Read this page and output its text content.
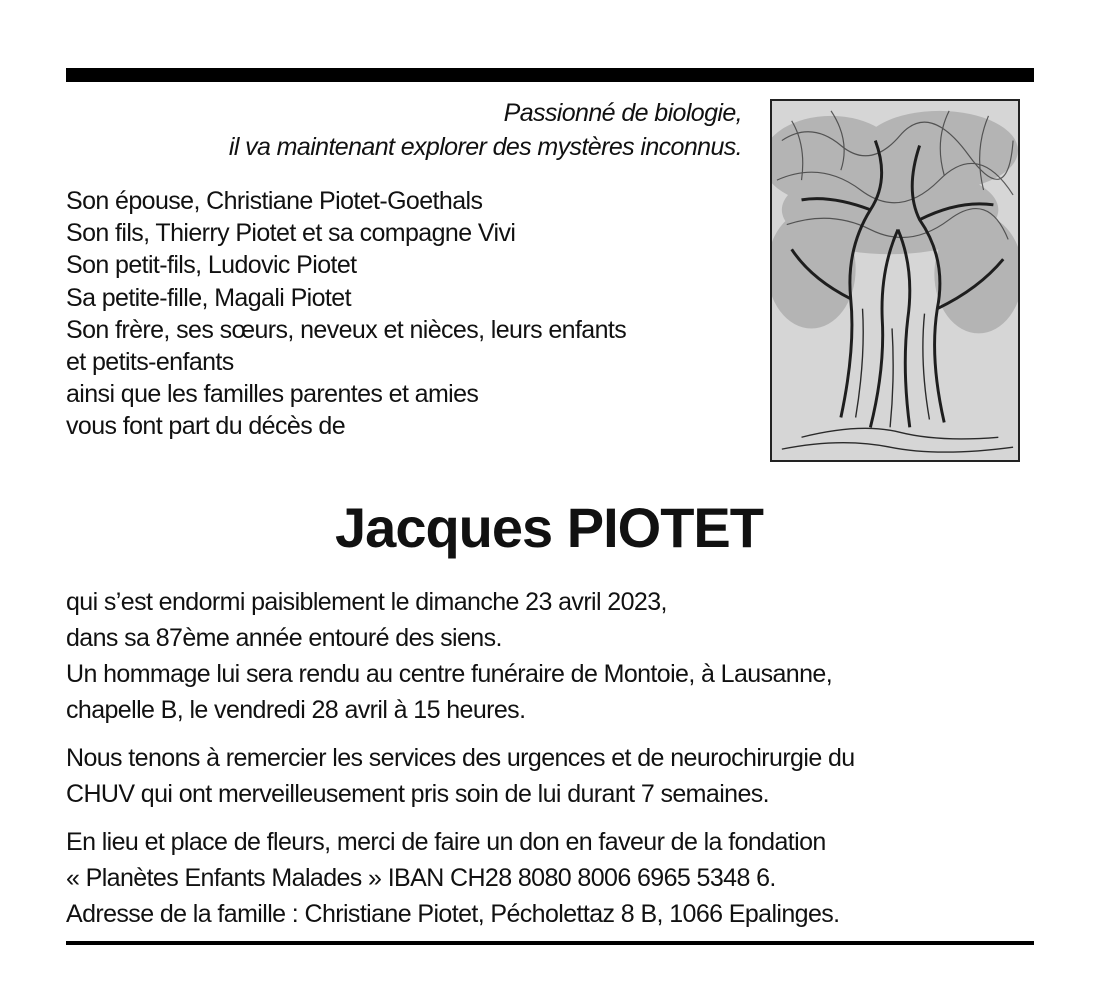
Passionné de biologie,
il va maintenant explorer des mystères inconnus.
Son épouse, Christiane Piotet-Goethals
Son fils, Thierry Piotet et sa compagne Vivi
Son petit-fils, Ludovic Piotet
Sa petite-fille, Magali Piotet
Son frère, ses sœurs, neveux et nièces, leurs enfants
et petits-enfants
ainsi que les familles parentes et amies
vous font part du décès de
Jacques PIOTET

qui s’est endormi paisiblement le dimanche 23 avril 2023,
dans sa 87ème année entouré des siens.
Un hommage lui sera rendu au centre funéraire de Montoie, à Lausanne,
chapelle B, le vendredi 28 avril à 15 heures.

Nous tenons à remercier les services des urgences et de neurochirurgie du
CHUV qui ont merveilleusement pris soin de lui durant 7 semaines.

En lieu et place de fleurs, merci de faire un don en faveur de la fondation
« Planètes Enfants Malades » IBAN CH28 8080 8006 6965 5348 6.
Adresse de la famille : Christiane Piotet, Pécholettaz 8 B, 1066 Epalinges.
